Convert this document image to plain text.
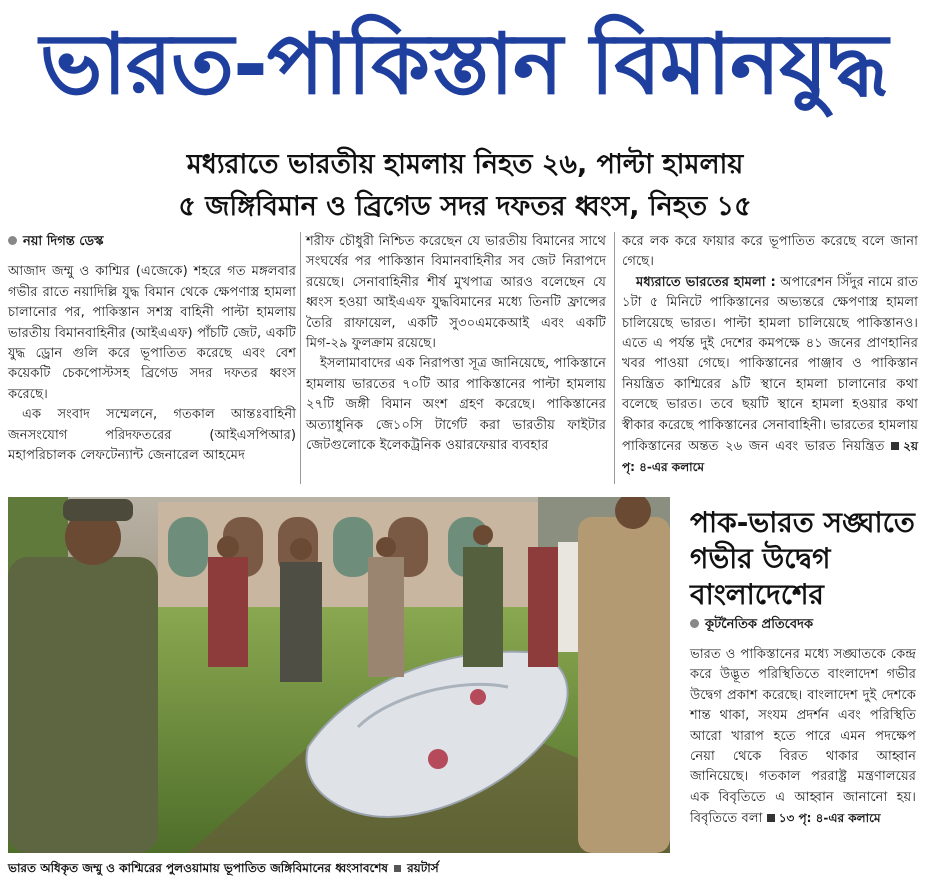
ভারত-পাকিস্তান বিমানযুদ্ধ
মধ্যরাতে ভারতীয় হামলায় নিহত ২৬, পাল্টা হামলায়
৫ জঙ্গিবিমান ও ব্রিগেড সদর দফতর ধ্বংস, নিহত ১৫
নয়া দিগন্ত ডেস্ক

আজাদ জম্মু ও কাশ্মির (এজেকে) শহরে গত মঙ্গলবার গভীর রাতে নয়াদিল্লি যুদ্ধ বিমান থেকে ক্ষেপণাস্ত্র হামলা চালানোর পর, পাকিস্তান সশস্ত্র বাহিনী পাল্টা হামলায় ভারতীয় বিমানবাহিনীর (আইএএফ) পাঁচটি জেট, একটি যুদ্ধ ড্রোন গুলি করে ভূপাতিত করেছে এবং বেশ কয়েকটি চেকপোস্টসহ ব্রিগেড সদর দফতর ধ্বংস করেছে।

এক সংবাদ সম্মেলনে, গতকাল আন্তঃবাহিনী জনসংযোগ পরিদফতরের (আইএসপিআর) মহাপরিচালক লেফটেন্যান্ট জেনারেল আহমেদ

শরীফ চৌধুরী নিশ্চিত করেছেন যে ভারতীয় বিমানের সাথে সংঘর্ষের পর পাকিস্তান বিমানবাহিনীর সব জেট নিরাপদে রয়েছে। সেনাবাহিনীর শীর্ষ মুখপাত্র আরও বলেছেন যে ধ্বংস হওয়া আইএএফ যুদ্ধবিমানের মধ্যে তিনটি ফ্রান্সের তৈরি রাফায়েল, একটি সু৩০এমকেআই এবং একটি মিগ-২৯ ফুলক্রাম রয়েছে।

ইসলামাবাদের এক নিরাপত্তা সূত্র জানিয়েছে, পাকিস্তানে হামলায় ভারতের ৭০টি আর পাকিস্তানের পাল্টা হামলায় ২৭টি জঙ্গী বিমান অংশ গ্রহণ করেছে। পাকিস্তানের অত্যাধুনিক জে১০সি টার্গেট করা ভারতীয় ফাইটার জেটগুলোকে ইলেকট্রনিক ওয়ারফেয়ার ব্যবহার

করে লক করে ফায়ার করে ভূপাতিত করেছে বলে জানা গেছে।

মধ্যরাতে ভারতের হামলা : অপারেশন সিঁদুর নামে রাত ১টা ৫ মিনিটে পাকিস্তানের অভ্যন্তরে ক্ষেপণাস্ত্র হামলা চালিয়েছে ভারত। পাল্টা হামলা চালিয়েছে পাকিস্তানও। এতে এ পর্যন্ত দুই দেশের কমপক্ষে ৪১ জনের প্রাণহানির খবর পাওয়া গেছে। পাকিস্তানের পাঞ্জাব ও পাকিস্তান নিয়ন্ত্রিত কাশ্মিরের ৯টি স্থানে হামলা চালানোর কথা বলেছে ভারত। তবে ছয়টি স্থানে হামলা হওয়ার কথা স্বীকার করেছে পাকিস্তানের সেনাবাহিনী। ভারতের হামলায় পাকিস্তানের অন্তত ২৬ জন এবং ভারত নিয়ন্ত্রিত ২য় পৃ: ৪-এর কলামে

ভারত অধিকৃত জম্মু ও কাশ্মিরের পুলওয়ামায় ভূপাতিত জঙ্গিবিমানের ধ্বংসাবশেষ রয়টার্স
পাক-ভারত সঙ্ঘাতে গভীর উদ্বেগ বাংলাদেশের
কূটনৈতিক প্রতিবেদক

ভারত ও পাকিস্তানের মধ্যে সঙ্ঘাতকে কেন্দ্র করে উদ্ভূত পরিস্থিতিতে বাংলাদেশ গভীর উদ্বেগ প্রকাশ করেছে। বাংলাদেশ দুই দেশকে শান্ত থাকা, সংযম প্রদর্শন এবং পরিস্থিতি আরো খারাপ হতে পারে এমন পদক্ষেপ নেয়া থেকে বিরত থাকার আহ্বান জানিয়েছে। গতকাল পররাষ্ট্র মন্ত্রণালয়ের এক বিবৃতিতে এ আহ্বান জানানো হয়। বিবৃতিতে বলা ১৩ পৃ: ৪-এর কলামে
